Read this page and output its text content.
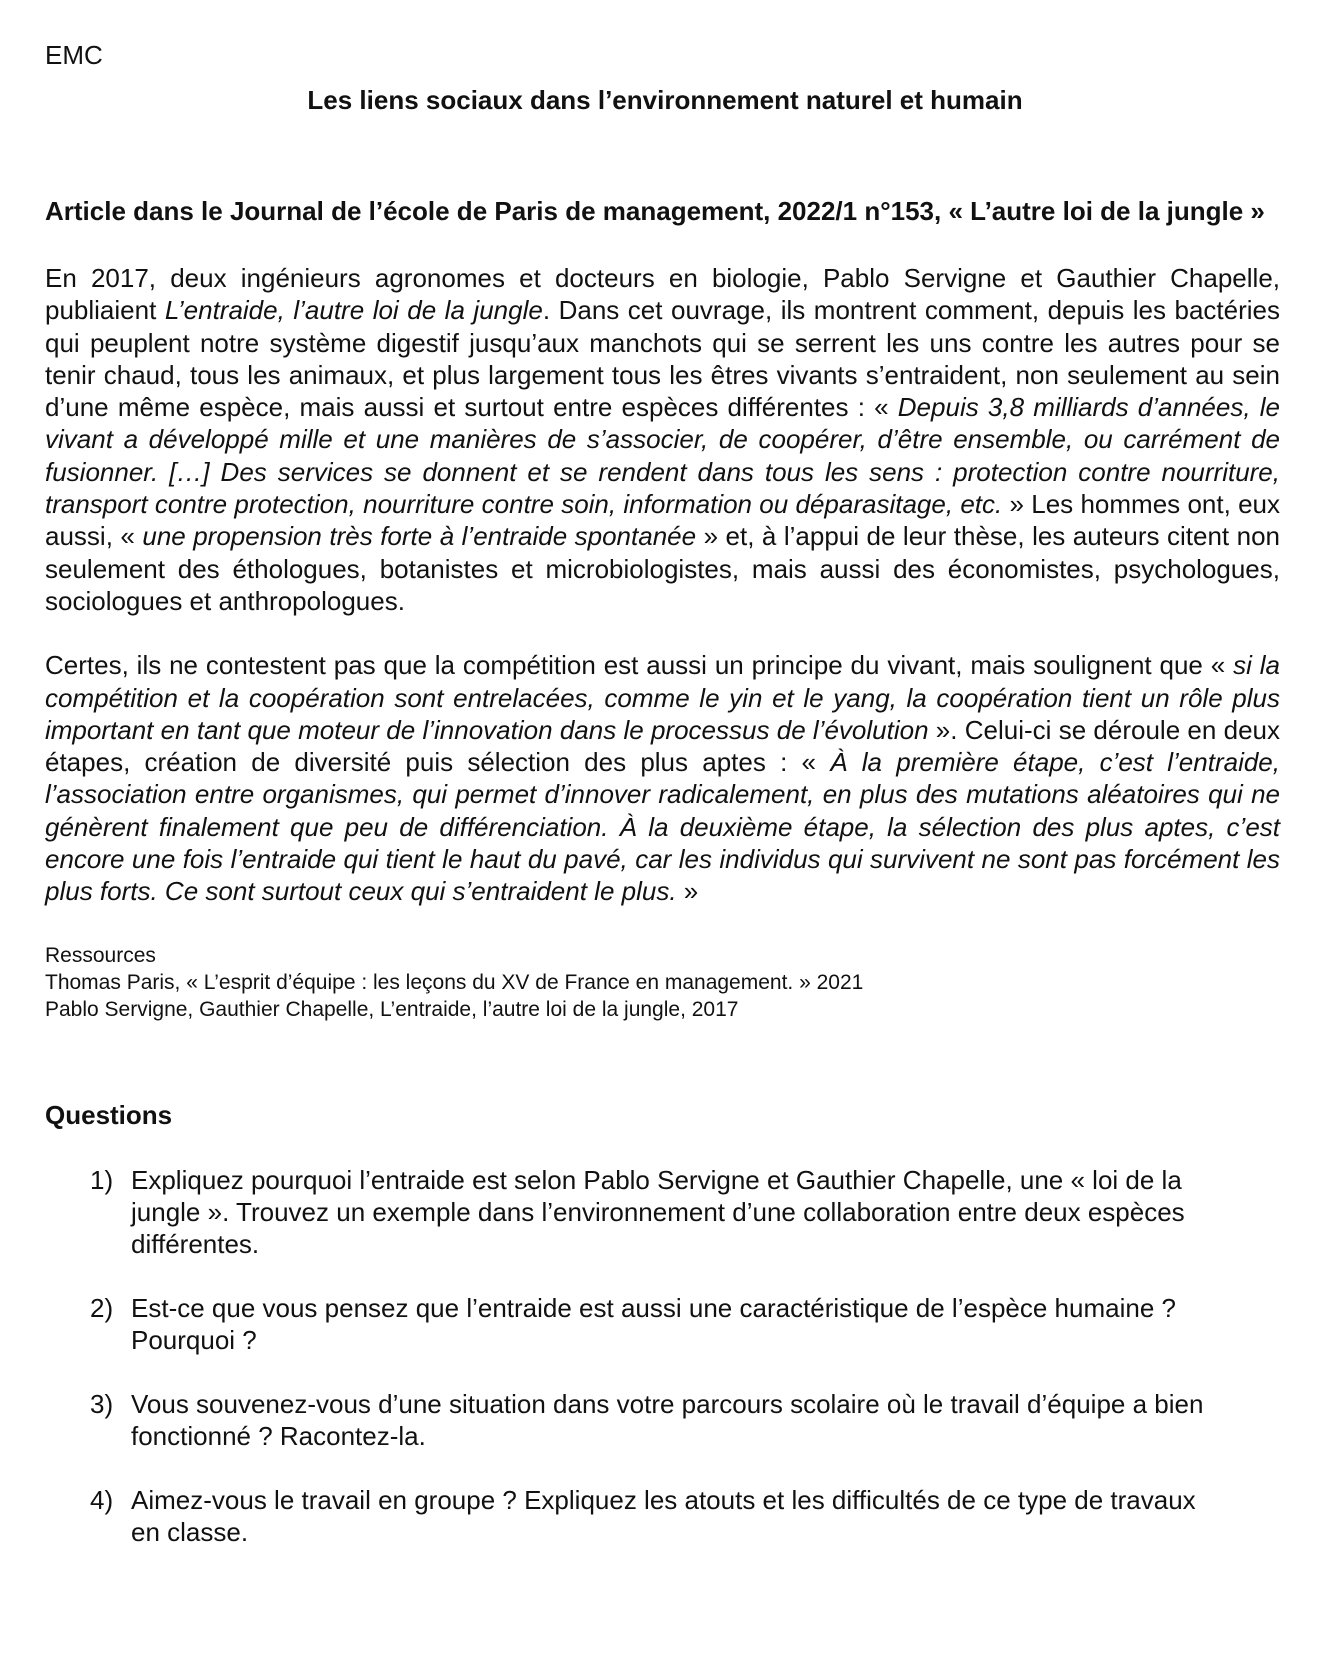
EMC

Les liens sociaux dans l’environnement naturel et humain
Article dans le Journal de l’école de Paris de management, 2022/1 n°153, « L’autre loi de la jungle »

En 2017, deux ingénieurs agronomes et docteurs en biologie, Pablo Servigne et Gauthier Chapelle, publiaient L’entraide, l’autre loi de la jungle. Dans cet ouvrage, ils montrent comment, depuis les bactéries qui peuplent notre système digestif jusqu’aux manchots qui se serrent les uns contre les autres pour se tenir chaud, tous les animaux, et plus largement tous les êtres vivants s’entraident, non seulement au sein d’une même espèce, mais aussi et surtout entre espèces différentes : « Depuis 3,8 milliards d’années, le vivant a développé mille et une manières de s’associer, de coopérer, d’être ensemble, ou carrément de fusionner. […] Des services se donnent et se rendent dans tous les sens : protection contre nourriture, transport contre protection, nourriture contre soin, information ou déparasitage, etc. » Les hommes ont, eux aussi, « une propension très forte à l’entraide spontanée » et, à l’appui de leur thèse, les auteurs citent non seulement des éthologues, botanistes et microbiologistes, mais aussi des économistes, psychologues, sociologues et anthropologues.

Certes, ils ne contestent pas que la compétition est aussi un principe du vivant, mais soulignent que « si la compétition et la coopération sont entrelacées, comme le yin et le yang, la coopération tient un rôle plus important en tant que moteur de l’innovation dans le processus de l’évolution ». Celui-ci se déroule en deux étapes, création de diversité puis sélection des plus aptes : « À la première étape, c’est l’entraide, l’association entre organismes, qui permet d’innover radicalement, en plus des mutations aléatoires qui ne génèrent finalement que peu de différenciation. À la deuxième étape, la sélection des plus aptes, c’est encore une fois l’entraide qui tient le haut du pavé, car les individus qui survivent ne sont pas forcément les plus forts. Ce sont surtout ceux qui s’entraident le plus. »

Ressources
Thomas Paris, « L’esprit d’équipe : les leçons du XV de France en management. » 2021
Pablo Servigne, Gauthier Chapelle, L’entraide, l’autre loi de la jungle, 2017
Questions
1) Expliquez pourquoi l’entraide est selon Pablo Servigne et Gauthier Chapelle, une « loi de la jungle ». Trouvez un exemple dans l’environnement d’une collaboration entre deux espèces différentes.
2) Est-ce que vous pensez que l’entraide est aussi une caractéristique de l’espèce humaine ? Pourquoi ?
3) Vous souvenez-vous d’une situation dans votre parcours scolaire où le travail d’équipe a bien fonctionné ? Racontez-la.
4) Aimez-vous le travail en groupe ? Expliquez les atouts et les difficultés de ce type de travaux en classe.
